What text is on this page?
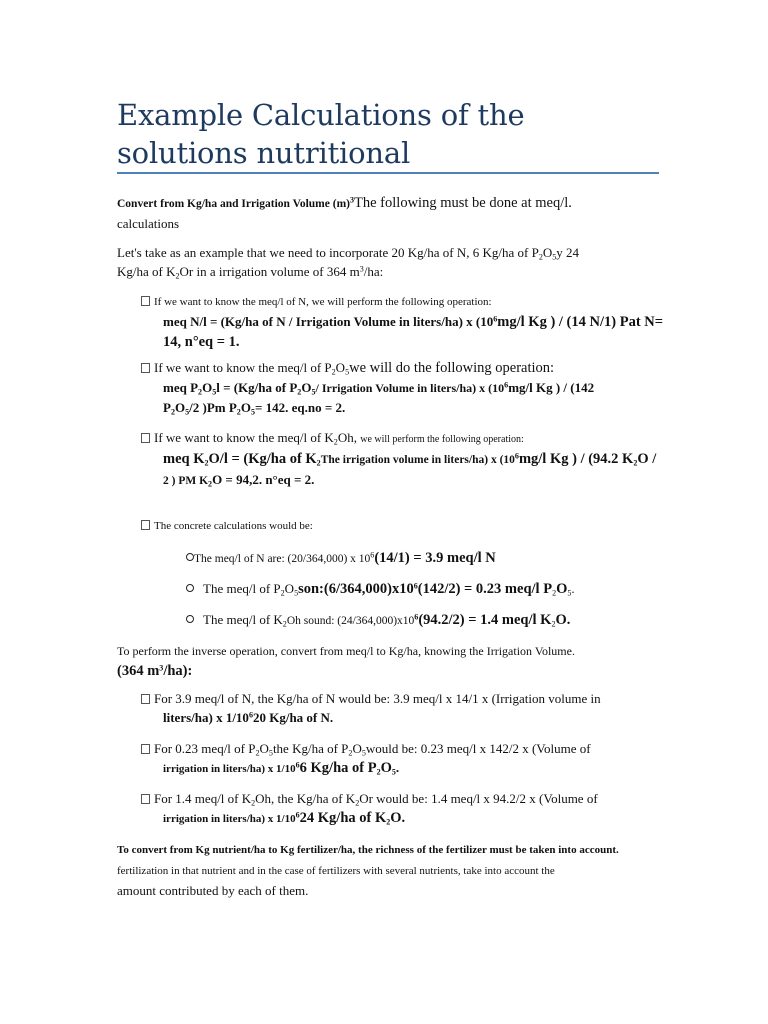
Example Calculations of the solutions nutritional
Convert from Kg/ha and Irrigation Volume $(m)^3The$ following must be done at meq/l.
calculations
Let's take as an example that we need to incorporate 20 Kg/ha of N, 6 Kg/ha of $P_2O_5y$ 24
Kg/ha of $K_2Or$ in a irrigation volume of 364 $m^3/ha$:
If we want to know the meq/l of N, we will perform the following operation:
meq N/l = (Kg/ha of N / Irrigation Volume in liters/ha) x ($10^6mg/l$ Kg ) / (14 N/1) Pat N=
14, n°eq = 1.
If we want to know the meq/l of $P_2O_5we$ will do the following operation:
meq $P_2O_5l = (Kg/ha$ of $P_2O_5/$ Irrigation Volume in liters/ha) x ($10^6mg/l$ Kg ) / (142
$P_2O_5/2$ )Pm $P_2O_5= 142$. eq.no = 2.
If we want to know the meq/l of $K_2Oh$, we will perform the following operation:
meq $K_2O/l = (Kg/ha$ of $K_2The$ irrigation volume in liters/ha) x ($10^6mg/l$ Kg ) / (94.2 $K_2O$ /
2 ) PM $K_2O = 94,2$. n°eq = 2.
The concrete calculations would be:
The meq/l of N are: (20/364,000) x $10^6(14/1) = 3.9$ meq/l N
The meq/l of $P_2O_5son:(6/364,000)x10^6(142/2) = 0.23$ meq/l $P_2O_5$.
The meq/l of $K_2Oh$ sound: $(24/364,000)x10^6(94.2/2) = 1.4$ meq/l $K_2O$.
To perform the inverse operation, convert from meq/l to Kg/ha, knowing the Irrigation Volume.
(364 $m^3/ha$):
For 3.9 meq/l of N, the Kg/ha of N would be: 3.9 meq/l x 14/1 x (Irrigation volume in
liters/ha) x $1/10^620$ Kg/ha of N.
For 0.23 meq/l of $P_2O_5the$ Kg/ha of $P_2O_5would$ be: 0.23 meq/l x 142/2 x (Volume of
irrigation in liters/ha) x $1/10^66$ Kg/ha of $P_2O_5$.
For 1.4 meq/l of $K_2Oh$, the Kg/ha of $K_2Or$ would be: 1.4 meq/l x 94.2/2 x (Volume of
irrigation in liters/ha) x $1/10^624$ Kg/ha of $K_2O$.
To convert from Kg nutrient/ha to Kg fertilizer/ha, the richness of the fertilizer must be taken into account.
fertilization in that nutrient and in the case of fertilizers with several nutrients, take into account the
amount contributed by each of them.
